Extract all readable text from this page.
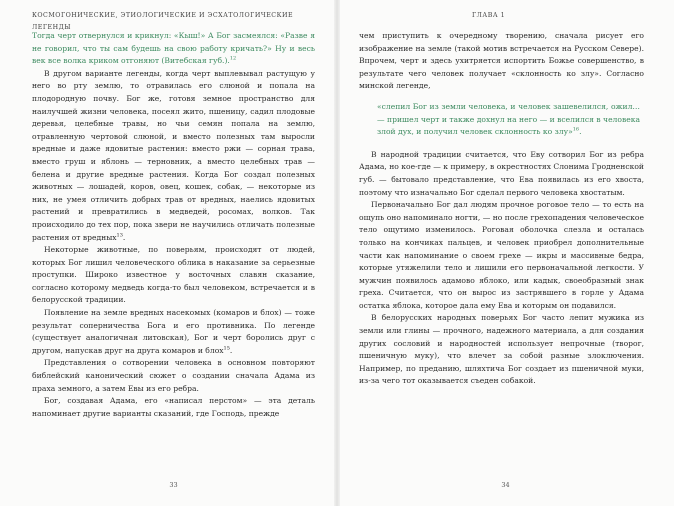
КОСМОГОНИЧЕСКИЕ, ЭТИОЛОГИЧЕСКИЕ И ЭСХАТОЛОГИЧЕСКИЕ ЛЕГЕНДЫ

Тогда черт отвернулся и крикнул: «Кыш!» А Бог засмеялся: «Разве я не говорил, что ты сам будешь на свою работу кричать?» Ну и весь век все волка криком отгоняют (Витебская губ.).$^{12}$

В другом варианте легенды, когда черт выплевывал растущую у него во рту землю, то отравилась его слюной и попала на плодородную почву. Бог же, готовя земное пространство для наилучшей жизни человека, посеял жито, пшеницу, садил плодовые деревья, целебные травы, но чьи семян попала на землю, отравленную чертовой слюной, и вместо полезных там выросли вредные и даже ядовитые растения: вместо ржи — сорная трава, вместо груш и яблонь — терновник, а вместо целебных трав — белена и другие вредные растения. Когда Бог создал полезных животных — лошадей, коров, овец, кошек, собак, — некоторые из них, не умея отличить добрых трав от вредных, наелись ядовитых растений и превратились в медведей, росомах, волков. Так происходило до тех пор, пока звери не научились отличать полезные растения от вредных$^{13}$.

Некоторые животные, по поверьям, происходят от людей, которых Бог лишил человеческого облика в наказание за серьезные проступки. Широко известное у восточных славян сказание, согласно которому медведь когда-то был человеком, встречается и в белорусской традиции.

Появление на земле вредных насекомых (комаров и блох) — тоже результат соперничества Бога и его противника. По легенде (существует аналогичная литовская), Бог и черт боролись друг с другом, напускав друг на друга комаров и блох$^{15}$.

Представления о сотворении человека в основном повторяют библейский канонический сюжет о создании сначала Адама из праха земного, а затем Евы из его ребра.

Бог, создавая Адама, его «написал перстом» — эта деталь напоминает другие варианты сказаний, где Господь, прежде

33
ГЛАВА 1

чем приступить к очередному творению, сначала рисует его изображение на земле (такой мотив встречается на Русском Севере). Впрочем, черт и здесь ухитряется испортить Божье совершенство, в результате чего человек получает «склонность ко злу». Согласно минской легенде,

«слепил Бог из земли человека, и человек зашевелился, ожил… — пришел черт и также дохнул на него — и вселился в человека злой дух, и получил человек склонность ко злу»$^{16}$.

В народной традиции считается, что Еву сотворил Бог из ребра Адама, но кое-где — к примеру, в окрестностях Слонима Гродненской губ. — бытовало представление, что Ева появилась из его хвоста, поэтому что изначально Бог сделал первого человека хвостатым.

Первоначально Бог дал людям прочное роговое тело — то есть на ощупь оно напоминало ногти, — но после грехопадения человеческое тело ощутимо изменилось. Роговая оболочка слезла и осталась только на кончиках пальцев, и человек приобрел дополнительные части как напоминание о своем грехе — икры и массивные бедра, которые утяжелили тело и лишили его первоначальной легкости. У мужчин появилось адамово яблоко, или кадык, своеобразный знак греха. Считается, что он вырос из застрявшего в горле у Адама остатка яблока, которое дала ему Ева и которым он подавился.

В белорусских народных поверьях Бог часто лепит мужика из земли или глины — прочного, надежного материала, а для создания других сословий и народностей использует непрочные (творог, пшеничную муку), что влечет за собой разные злоключения. Например, по преданию, шляхтича Бог создает из пшеничной муки, из-за чего тот оказывается съеден собакой.

34
